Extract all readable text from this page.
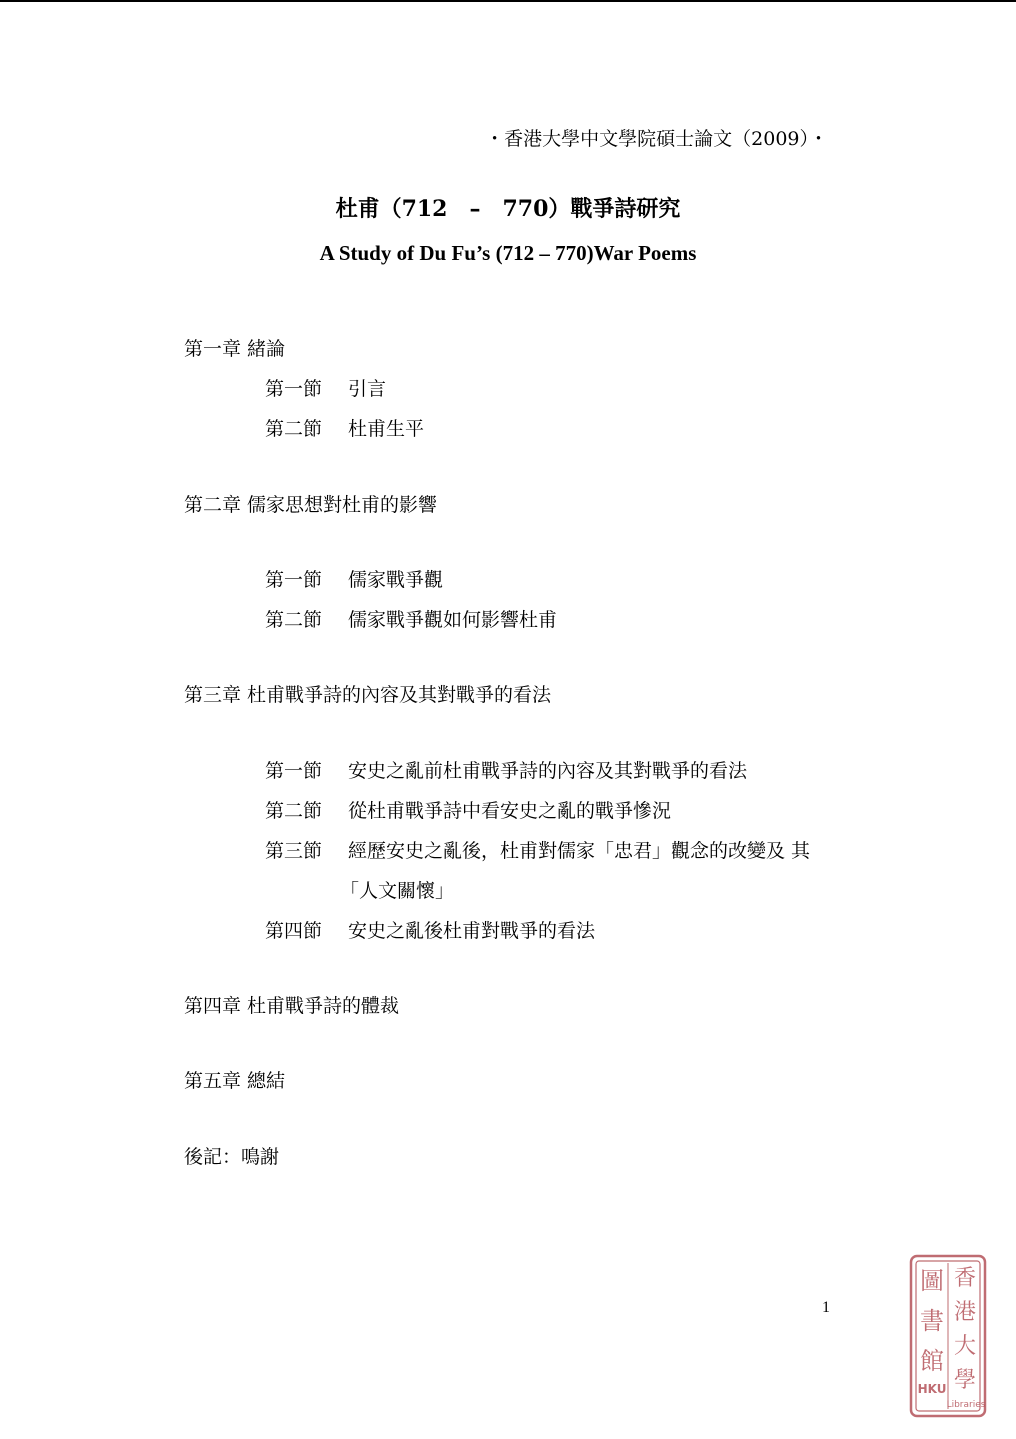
・香港大學中文學院碩士論文（2009）・
杜甫（712　–　770）戰爭詩研究
A Study of Du Fu’s (712 – 770)War Poems
第一章 緒論
第一節 引言
第二節 杜甫生平
第二章 儒家思想對杜甫的影響
第一節 儒家戰爭觀
第二節 儒家戰爭觀如何影響杜甫
第三章 杜甫戰爭詩的內容及其對戰爭的看法
第一節 安史之亂前杜甫戰爭詩的內容及其對戰爭的看法
第二節 從杜甫戰爭詩中看安史之亂的戰爭慘況
第三節 經歷安史之亂後，杜甫對儒家「忠君」觀念的改變及 其
「人文關懷」
第四節 安史之亂後杜甫對戰爭的看法
第四章 杜甫戰爭詩的體裁
第五章 總結
後記：鳴謝
1
香
港
大
學
圖
書
館
HKU
Libraries
